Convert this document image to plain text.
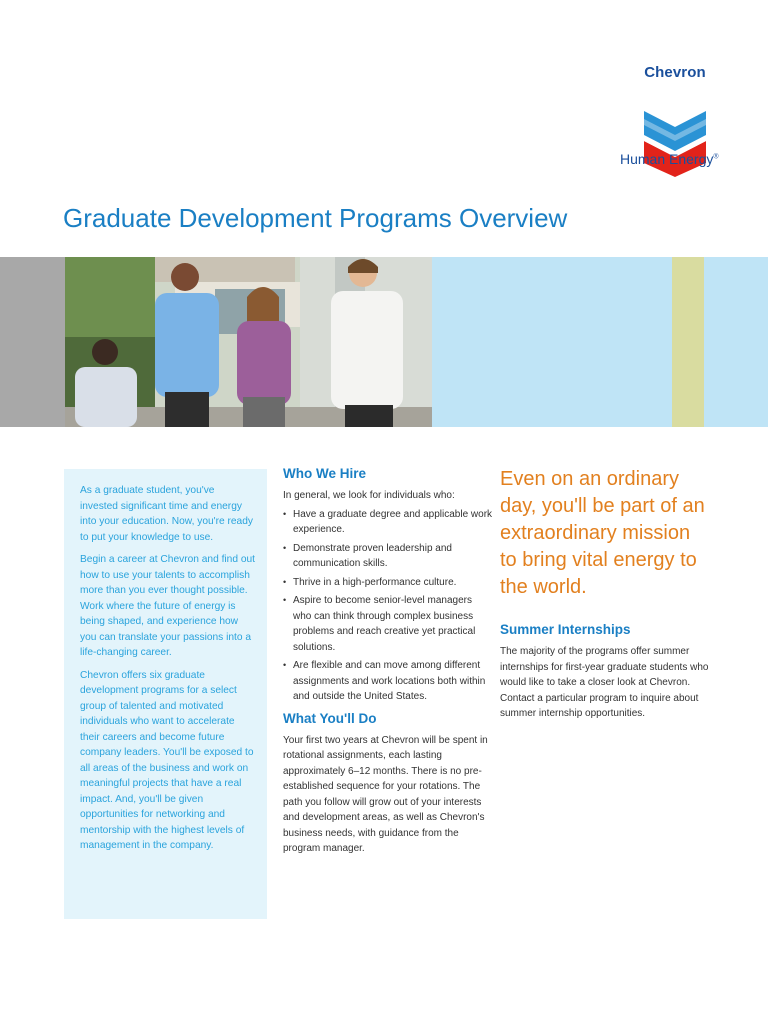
Chevron
Human Energy®
Graduate Development Programs Overview

As a graduate student, you've invested significant time and energy into your education. Now, you're ready to put your knowledge to use.

Begin a career at Chevron and find out how to use your talents to accomplish more than you ever thought possible. Work where the future of energy is being shaped, and experience how you can translate your passions into a life-changing career.

Chevron offers six graduate development programs for a select group of talented and motivated individuals who want to accelerate their careers and become future company leaders. You'll be exposed to all areas of the business and work on meaningful projects that have a real impact. And, you'll be given opportunities for networking and mentorship with the highest levels of management in the company.

Who We Hire

In general, we look for individuals who:

• Have a graduate degree and applicable work experience.
• Demonstrate proven leadership and communication skills.
• Thrive in a high-performance culture.
• Aspire to become senior-level managers who can think through complex business problems and reach creative yet practical solutions.
• Are flexible and can move among different assignments and work locations both within and outside the United States.
What You'll Do

Your first two years at Chevron will be spent in rotational assignments, each lasting approximately 6–12 months. There is no pre-established sequence for your rotations. The path you follow will grow out of your interests and development areas, as well as Chevron's business needs, with guidance from the program manager.

Even on an ordinary day, you'll be part of an extraordinary mission to bring vital energy to the world.
Summer Internships

The majority of the programs offer summer internships for first-year graduate students who would like to take a closer look at Chevron. Contact a particular program to inquire about summer internship opportunities.
